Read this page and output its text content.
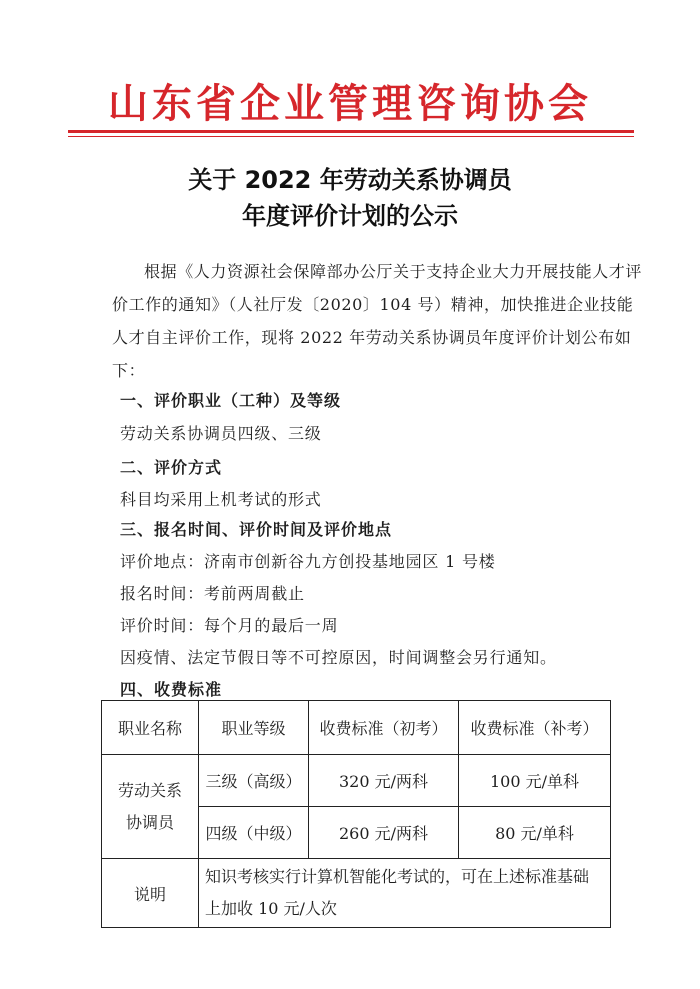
山东省企业管理咨询协会
关于 2022 年劳动关系协调员
年度评价计划的公示
根据《人力资源社会保障部办公厅关于支持企业大力开展技能人才评价工作的通知》（人社厅发〔2020〕104 号）精神，加快推进企业技能人才自主评价工作，现将 2022 年劳动关系协调员年度评价计划公布如下：
一、评价职业（工种）及等级
劳动关系协调员四级、三级
二、评价方式
科目均采用上机考试的形式
三、报名时间、评价时间及评价地点
评价地点：济南市创新谷九方创投基地园区 1 号楼
报名时间：考前两周截止
评价时间：每个月的最后一周
因疫情、法定节假日等不可控原因，时间调整会另行通知。
四、收费标准
职业名称	职业等级	收费标准（初考）	收费标准（补考）
劳动关系协调员	三级（高级）	320 元/两科	100 元/单科
	四级（中级）	260 元/两科	80 元/单科
说明	知识考核实行计算机智能化考试的，可在上述标准基础上加收 10 元/人次		
